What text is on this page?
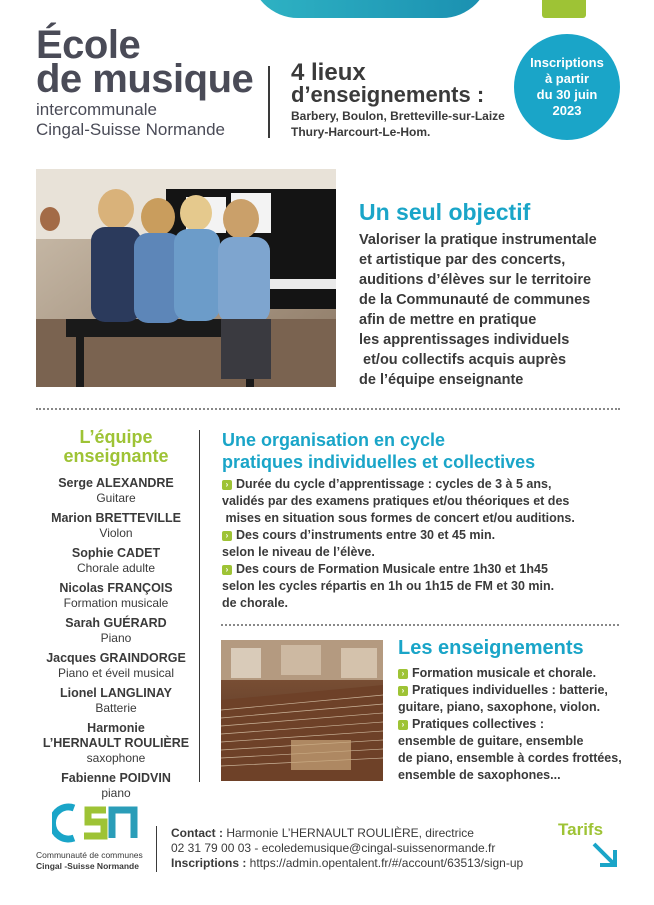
École
de musique
intercommunale
Cingal-Suisse Normande
4 lieux
d’enseignements :
Barbery, Boulon, Bretteville-sur-Laize
Thury-Harcourt-Le-Hom.
Inscriptions
à partir
du 30 juin
2023
Un seul objectif
Valoriser la pratique instrumentale
et artistique par des concerts,
auditions d’élèves sur le territoire
de la Communauté de communes
afin de mettre en pratique
les apprentissages individuels
et/ou collectifs acquis auprès
de l’équipe enseignante
L’équipe
enseignante
Serge ALEXANDRE
Guitare
Marion BRETTEVILLE
Violon
Sophie CADET
Chorale adulte
Nicolas FRANÇOIS
Formation musicale
Sarah GUÉRARD
Piano
Jacques GRAINDORGE
Piano et éveil musical
Lionel LANGLINAY
Batterie
Harmonie
L’HERNAULT ROULIÈRE
saxophone
Fabienne POIDVIN
piano
Une organisation en cycle
pratiques individuelles et collectives
› Durée du cycle d’apprentissage : cycles de 3 à 5 ans,
validés par des examens pratiques et/ou théoriques et des
mises en situation sous formes de concert et/ou auditions.
› Des cours d’instruments entre 30 et 45 min.
selon le niveau de l’élève.
› Des cours de Formation Musicale entre 1h30 et 1h45
selon les cycles répartis en 1h ou 1h15 de FM et 30 min.
de chorale.
Les enseignements
› Formation musicale et chorale.
› Pratiques individuelles : batterie,
guitare, piano, saxophone, violon.
› Pratiques collectives :
ensemble de guitare, ensemble
de piano, ensemble à cordes frottées,
ensemble de saxophones...
CSN
Communauté de communes
Cingal -Suisse Normande
Contact : Harmonie L’HERNAULT ROULIÈRE, directrice
02 31 79 00 03 - ecoledemusique@cingal-suissenormande.fr
Inscriptions : https://admin.opentalent.fr/#/account/63513/sign-up
Tarifs
